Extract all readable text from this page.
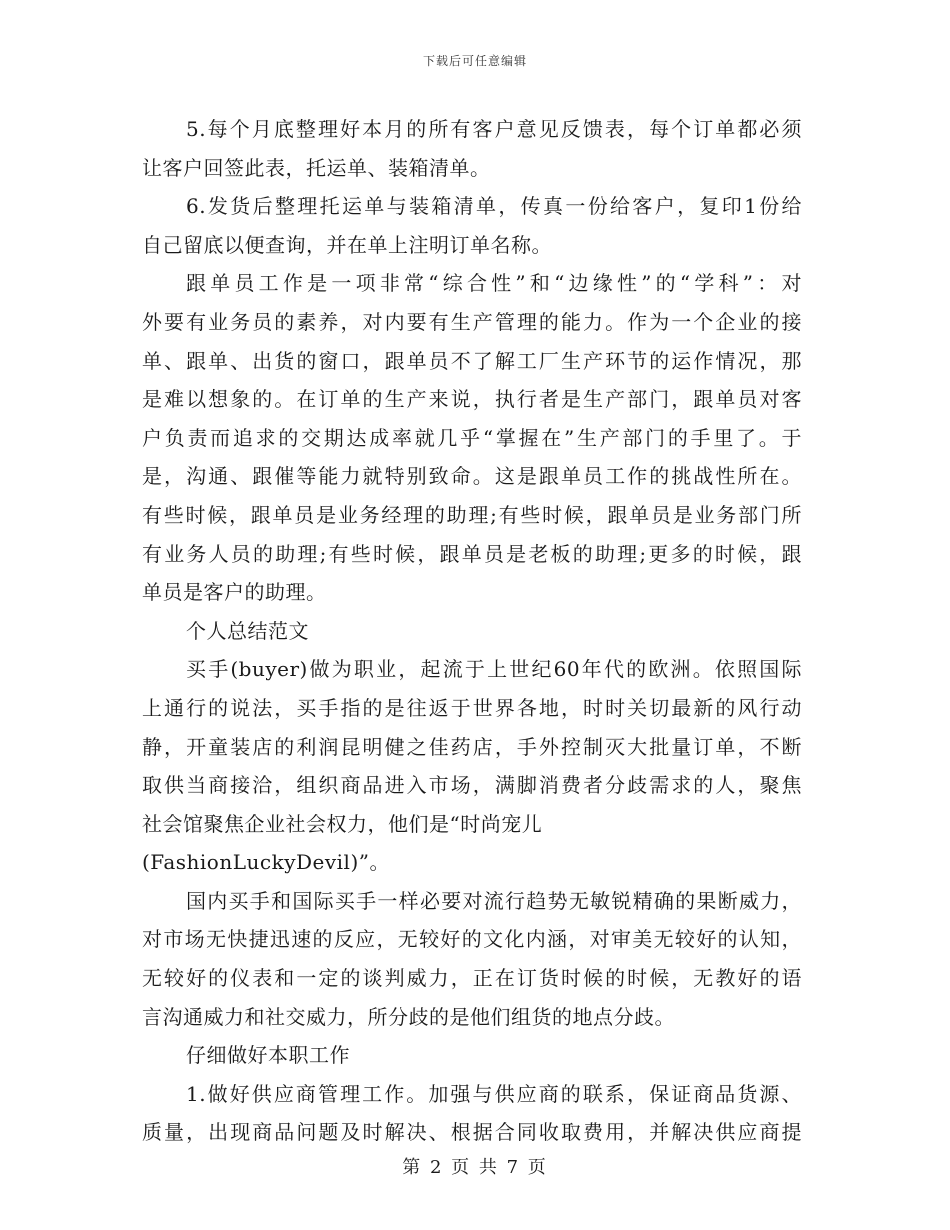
下载后可任意编辑
5.每个月底整理好本月的所有客户意见反馈表，每个订单都必须
让客户回签此表，托运单、装箱清单。
6.发货后整理托运单与装箱清单，传真一份给客户，复印1份给
自己留底以便查询，并在单上注明订单名称。
跟单员工作是一项非常“综合性”和“边缘性”的“学科”：对
外要有业务员的素养，对内要有生产管理的能力。作为一个企业的接
单、跟单、出货的窗口，跟单员不了解工厂生产环节的运作情况，那
是难以想象的。在订单的生产来说，执行者是生产部门，跟单员对客
户负责而追求的交期达成率就几乎“掌握在”生产部门的手里了。于
是，沟通、跟催等能力就特别致命。这是跟单员工作的挑战性所在。
有些时候，跟单员是业务经理的助理;有些时候，跟单员是业务部门所
有业务人员的助理;有些时候，跟单员是老板的助理;更多的时候，跟
单员是客户的助理。
个人总结范文
买手(buyer)做为职业，起流于上世纪60年代的欧洲。依照国际
上通行的说法，买手指的是往返于世界各地，时时关切最新的风行动
静，开童装店的利润昆明健之佳药店，手外控制灭大批量订单，不断
取供当商接洽，组织商品进入市场，满脚消费者分歧需求的人，聚焦
社会馆聚焦企业社会权力，他们是“时尚宠儿
(FashionLuckyDevil)”。
国内买手和国际买手一样必要对流行趋势无敏锐精确的果断威力，
对市场无快捷迅速的反应，无较好的文化内涵，对审美无较好的认知，
无较好的仪表和一定的谈判威力，正在订货时候的时候，无教好的语
言沟通威力和社交威力，所分歧的是他们组货的地点分歧。
仔细做好本职工作
1.做好供应商管理工作。加强与供应商的联系，保证商品货源、
质量，出现商品问题及时解决、根据合同收取费用，并解决供应商提
第 2 页 共 7 页
